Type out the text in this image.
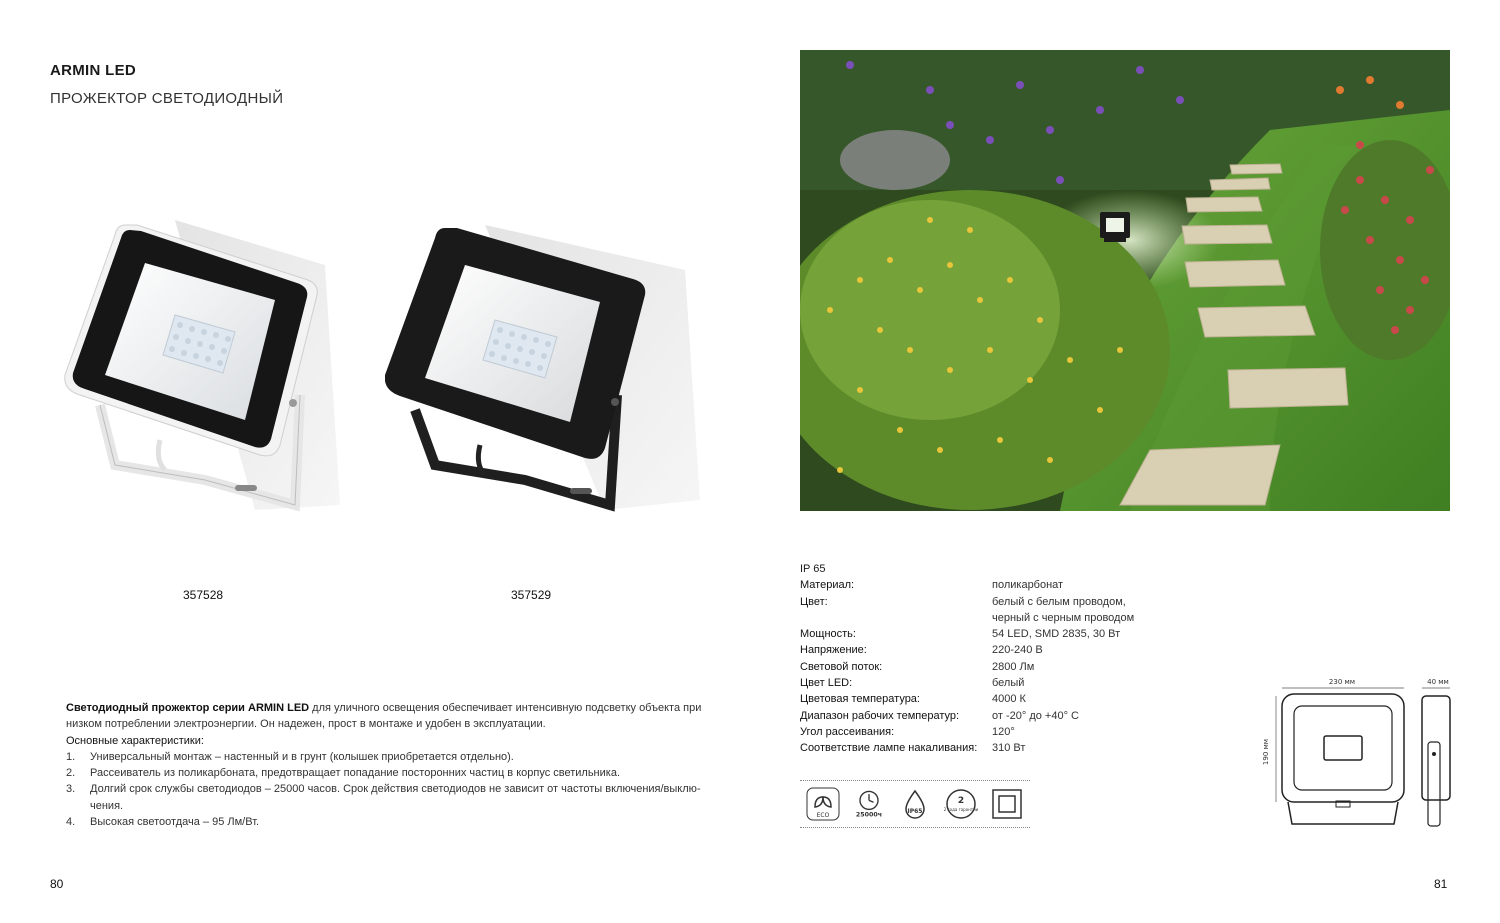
ARMIN LED
ПРОЖЕКТОР СВЕТОДИОДНЫЙ
357528	357529
Светодиодный прожектор серии ARMIN LED для уличного освещения обеспечивает интенсивную подсветку объекта при низком потреблении электроэнергии. Он надежен, прост в монтаже и удобен в эксплуатации.
Основные характеристики:
1.	Универсальный монтаж – настенный и в грунт (колышек приобретается отдельно).
2.	Рассеиватель из поликарбоната, предотвращает попадание посторонних частиц в корпус светильника.
3.	Долгий срок службы светодиодов – 25000 часов. Срок действия светодиодов не зависит от частоты включения/выклю-чения.
4.	Высокая светоотдача – 95 Лм/Вт.
80	81
IP 65
Материал:	поликарбонат
Цвет:	белый с белым проводом,
черный с черным проводом
Мощность:	54 LED, SMD 2835, 30 Вт
Напряжение:	220-240 В
Световой поток:	2800 Лм
Цвет LED:	белый
Цветовая температура:	4000 К
Диапазон рабочих температур:	от -20° до +40° С
Угол рассеивания:	120°
Соответствие лампе накаливания:	310 Вт
ECO	25000ч
IP65
2
2 года гарантии
230 мм	40 мм
190 мм
